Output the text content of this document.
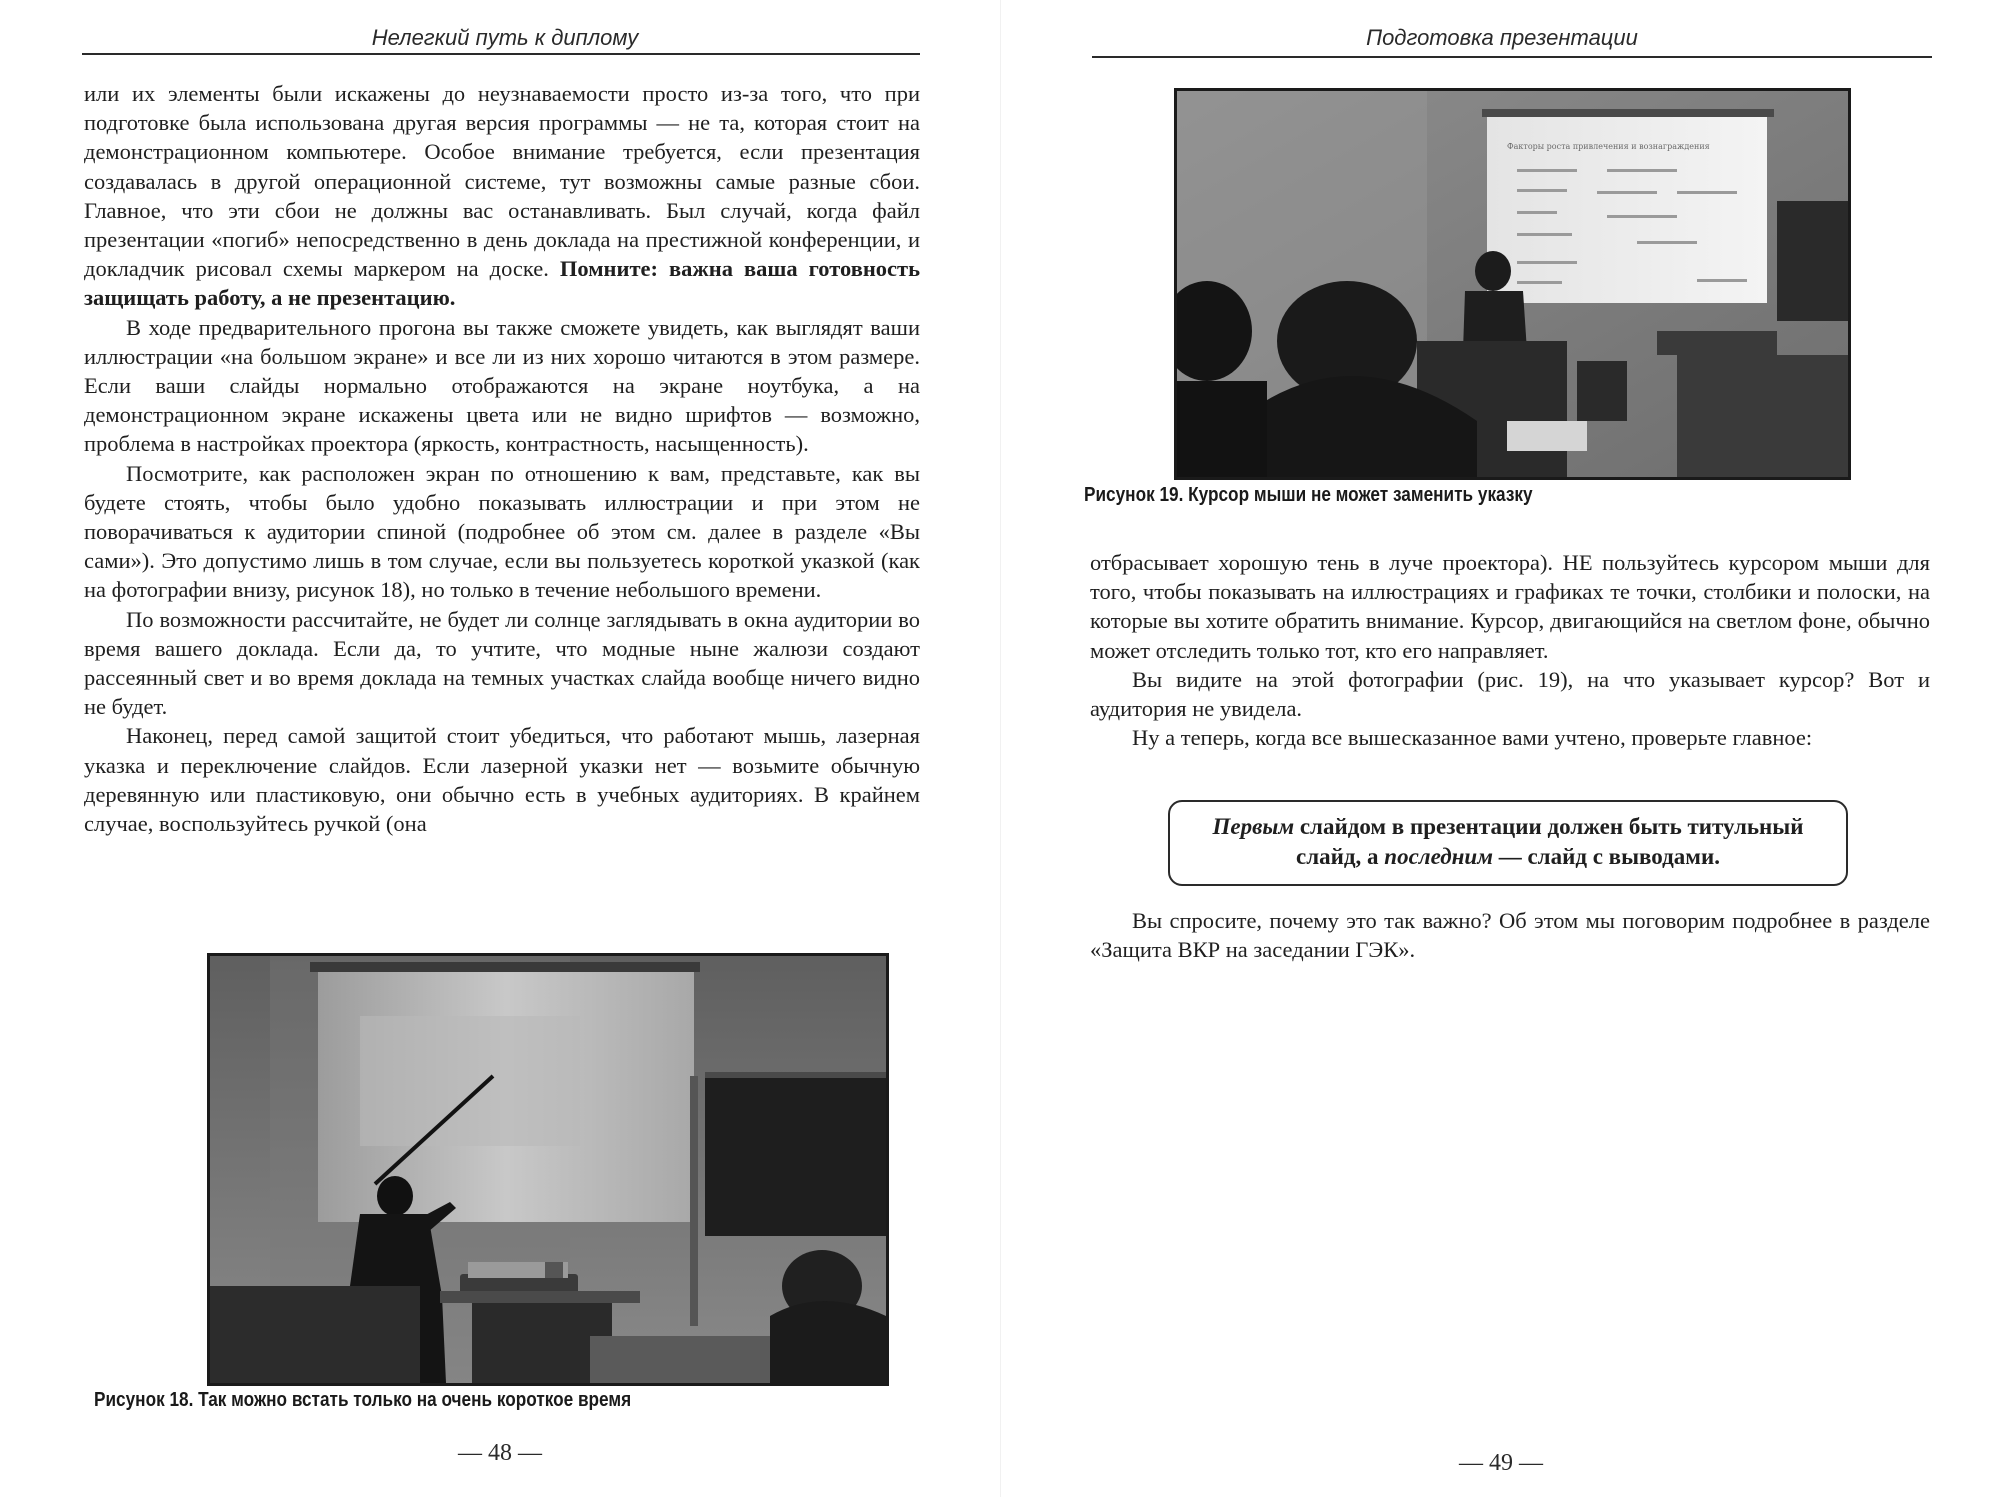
Нелегкий путь к диплому

или их элементы были искажены до неузнаваемости просто из-за того, что при подготовке была использована другая версия программы — не та, которая стоит на демонстрационном компьютере. Особое внимание требуется, если презентация создавалась в другой операционной системе, тут возможны самые разные сбои. Главное, что эти сбои не должны вас останавливать. Был случай, когда файл презентации «погиб» непосредственно в день доклада на престижной конференции, и докладчик рисовал схемы маркером на доске. Помните: важна ваша готовность защищать работу, а не презентацию.

В ходе предварительного прогона вы также сможете увидеть, как выглядят ваши иллюстрации «на большом экране» и все ли из них хорошо читаются в этом размере. Если ваши слайды нормально отображаются на экране ноутбука, а на демонстрационном экране искажены цвета или не видно шрифтов — возможно, проблема в настройках проектора (яркость, контрастность, насыщенность).

Посмотрите, как расположен экран по отношению к вам, представьте, как вы будете стоять, чтобы было удобно показывать иллюстрации и при этом не поворачиваться к аудитории спиной (подробнее об этом см. далее в разделе «Вы сами»). Это допустимо лишь в том случае, если вы пользуетесь короткой указкой (как на фотографии внизу, рисунок 18), но только в течение небольшого времени.

По возможности рассчитайте, не будет ли солнце заглядывать в окна аудитории во время вашего доклада. Если да, то учтите, что модные ныне жалюзи создают рассеянный свет и во время доклада на темных участках слайда вообще ничего видно не будет.

Наконец, перед самой защитой стоит убедиться, что работают мышь, лазерная указка и переключение слайдов. Если лазерной указки нет — возьмите обычную деревянную или пластиковую, они обычно есть в учебных аудиториях. В крайнем случае, воспользуйтесь ручкой (она

Рисунок 18. Так можно встать только на очень короткое время
— 48 —
Подготовка презентации
Факторы роста привлечения и вознаграждения
Рисунок 19. Курсор мыши не может заменить указку

отбрасывает хорошую тень в луче проектора). НЕ пользуйтесь курсором мыши для того, чтобы показывать на иллюстрациях и графиках те точки, столбики и полоски, на которые вы хотите обратить внимание. Курсор, двигающийся на светлом фоне, обычно может отследить только тот, кто его направляет.

Вы видите на этой фотографии (рис. 19), на что указывает курсор? Вот и аудитория не увидела.

Ну а теперь, когда все вышесказанное вами учтено, проверьте главное:

Первым слайдом в презентации должен быть титульный слайд, а последним — слайд с выводами.

Вы спросите, почему это так важно? Об этом мы поговорим подробнее в разделе «Защита ВКР на заседании ГЭК».

— 49 —
